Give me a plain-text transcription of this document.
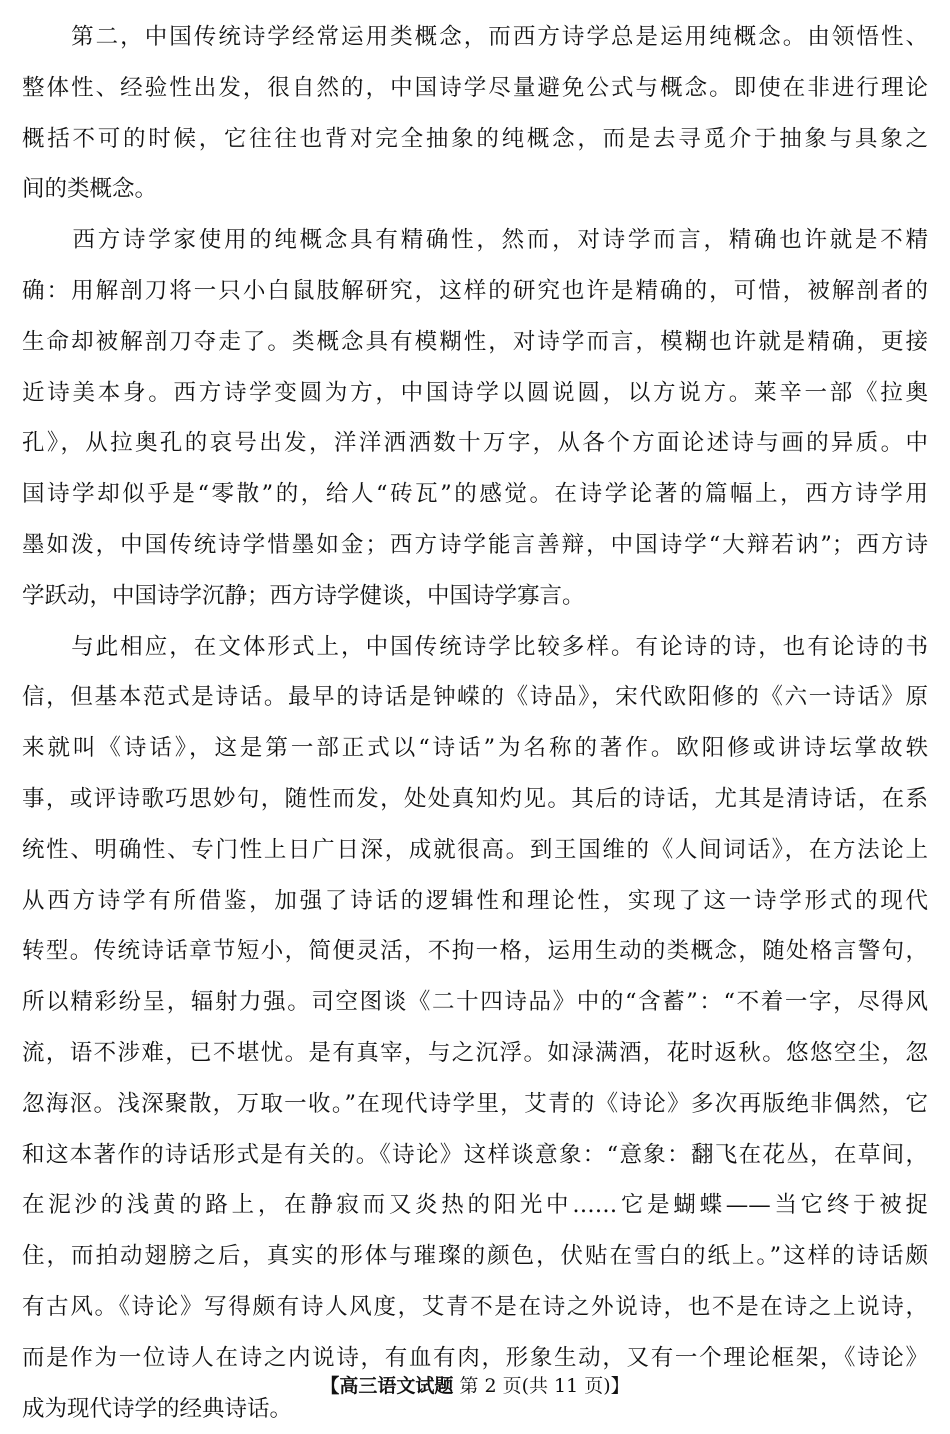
　　第二，中国传统诗学经常运用类概念，而西方诗学总是运用纯概念。由领悟性、
整体性、经验性出发，很自然的，中国诗学尽量避免公式与概念。即使在非进行理论
概括不可的时候，它往往也背对完全抽象的纯概念，而是去寻觅介于抽象与具象之
间的类概念。
　　西方诗学家使用的纯概念具有精确性，然而，对诗学而言，精确也许就是不精
确：用解剖刀将一只小白鼠肢解研究，这样的研究也许是精确的，可惜，被解剖者的
生命却被解剖刀夺走了。类概念具有模糊性，对诗学而言，模糊也许就是精确，更接
近诗美本身。西方诗学变圆为方，中国诗学以圆说圆，以方说方。莱辛一部《拉奥
孔》，从拉奥孔的哀号出发，洋洋洒洒数十万字，从各个方面论述诗与画的异质。中
国诗学却似乎是“零散”的，给人“砖瓦”的感觉。在诗学论著的篇幅上，西方诗学用
墨如泼，中国传统诗学惜墨如金；西方诗学能言善辩，中国诗学“大辩若讷”；西方诗
学跃动，中国诗学沉静；西方诗学健谈，中国诗学寡言。
　　与此相应，在文体形式上，中国传统诗学比较多样。有论诗的诗，也有论诗的书
信，但基本范式是诗话。最早的诗话是钟嵘的《诗品》，宋代欧阳修的《六一诗话》原
来就叫《诗话》，这是第一部正式以“诗话”为名称的著作。欧阳修或讲诗坛掌故轶
事，或评诗歌巧思妙句，随性而发，处处真知灼见。其后的诗话，尤其是清诗话，在系
统性、明确性、专门性上日广日深，成就很高。到王国维的《人间词话》，在方法论上
从西方诗学有所借鉴，加强了诗话的逻辑性和理论性，实现了这一诗学形式的现代
转型。传统诗话章节短小，简便灵活，不拘一格，运用生动的类概念，随处格言警句，
所以精彩纷呈，辐射力强。司空图谈《二十四诗品》中的“含蓄”：“不着一字，尽得风
流，语不涉难，已不堪忧。是有真宰，与之沉浮。如渌满酒，花时返秋。悠悠空尘，忽
忽海沤。浅深聚散，万取一收。”在现代诗学里，艾青的《诗论》多次再版绝非偶然，它
和这本著作的诗话形式是有关的。《诗论》这样谈意象：“意象：翻飞在花丛，在草间，
在泥沙的浅黄的路上，在静寂而又炎热的阳光中……它是蝴蝶——当它终于被捉
住，而拍动翅膀之后，真实的形体与璀璨的颜色，伏贴在雪白的纸上。”这样的诗话颇
有古风。《诗论》写得颇有诗人风度，艾青不是在诗之外说诗，也不是在诗之上说诗，
而是作为一位诗人在诗之内说诗，有血有肉，形象生动，又有一个理论框架，《诗论》
成为现代诗学的经典诗话。
【高三语文试题 第 2 页(共 11 页)】
